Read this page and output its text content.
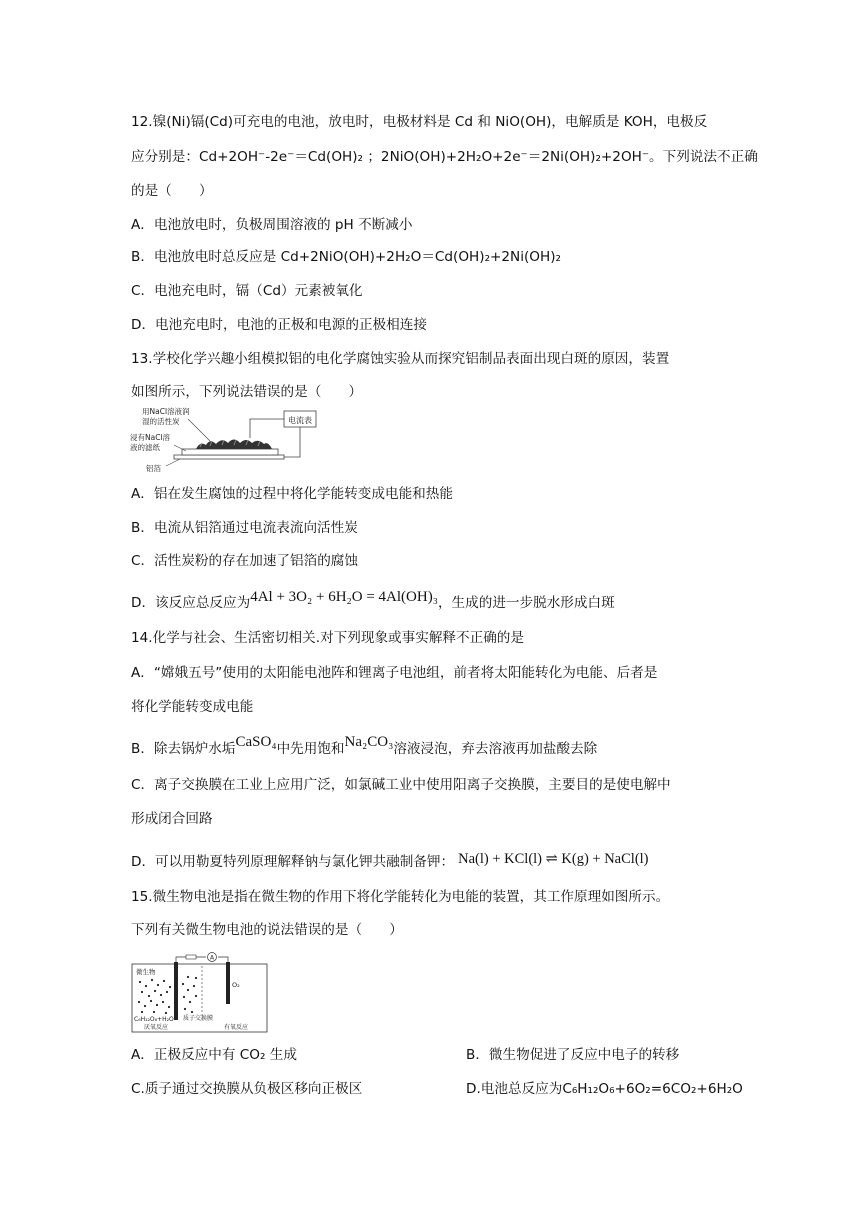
12.镍(Ni)镉(Cd)可充电的电池，放电时，电极材料是 Cd 和 NiO(OH)，电解质是 KOH，电极反
应分别是：Cd+2OH⁻-2e⁻＝Cd(OH)₂ ；2NiO(OH)+2H₂O+2e⁻＝2Ni(OH)₂+2OH⁻。下列说法不正确
的是（　　）
A．电池放电时，负极周围溶液的 pH 不断减小
B．电池放电时总反应是 Cd+2NiO(OH)+2H₂O＝Cd(OH)₂+2Ni(OH)₂
C．电池充电时，镉（Cd）元素被氧化
D．电池充电时，电池的正极和电源的正极相连接
13.学校化学兴趣小组模拟铝的电化学腐蚀实验从而探究铝制品表面出现白斑的原因，装置
如图所示，下列说法错误的是（　　）
电流表
用NaCl溶液润
湿的活性炭
浸有NaCl溶
液的滤纸
铝箔
A．铝在发生腐蚀的过程中将化学能转变成电能和热能
B．电流从铝箔通过电流表流向活性炭
C．活性炭粉的存在加速了铝箔的腐蚀
D．该反应总反应为4Al + 3O₂ + 6H₂O = 4Al(OH)₃，生成的进一步脱水形成白斑
14.化学与社会、生活密切相关.对下列现象或事实解释不正确的是
A．“嫦娥五号”使用的太阳能电池阵和锂离子电池组，前者将太阳能转化为电能、后者是
将化学能转变成电能
B．除去锅炉水垢CaSO₄中先用饱和Na₂CO₃溶液浸泡，弃去溶液再加盐酸去除
C．离子交换膜在工业上应用广泛，如氯碱工业中使用阳离子交换膜，主要目的是使电解中
形成闭合回路
D．可以用勒夏特列原理解释钠与氯化钾共融制备钾： Na(l) + KCl(l) ⇌ K(g) + NaCl(l)
15.微生物电池是指在微生物的作用下将化学能转化为电能的装置，其工作原理如图所示。
下列有关微生物电池的说法错误的是（　　）
A
微生物
O₂
C₆H₁₂O₆+H₂O 质子交换膜
厌氧反应	有氧反应
A．正极反应中有 CO₂ 生成	B．微生物促进了反应中电子的转移
C.质子通过交换膜从负极区移向正极区	D.电池总反应为C₆H₁₂O₆+6O₂=6CO₂+6H₂O
